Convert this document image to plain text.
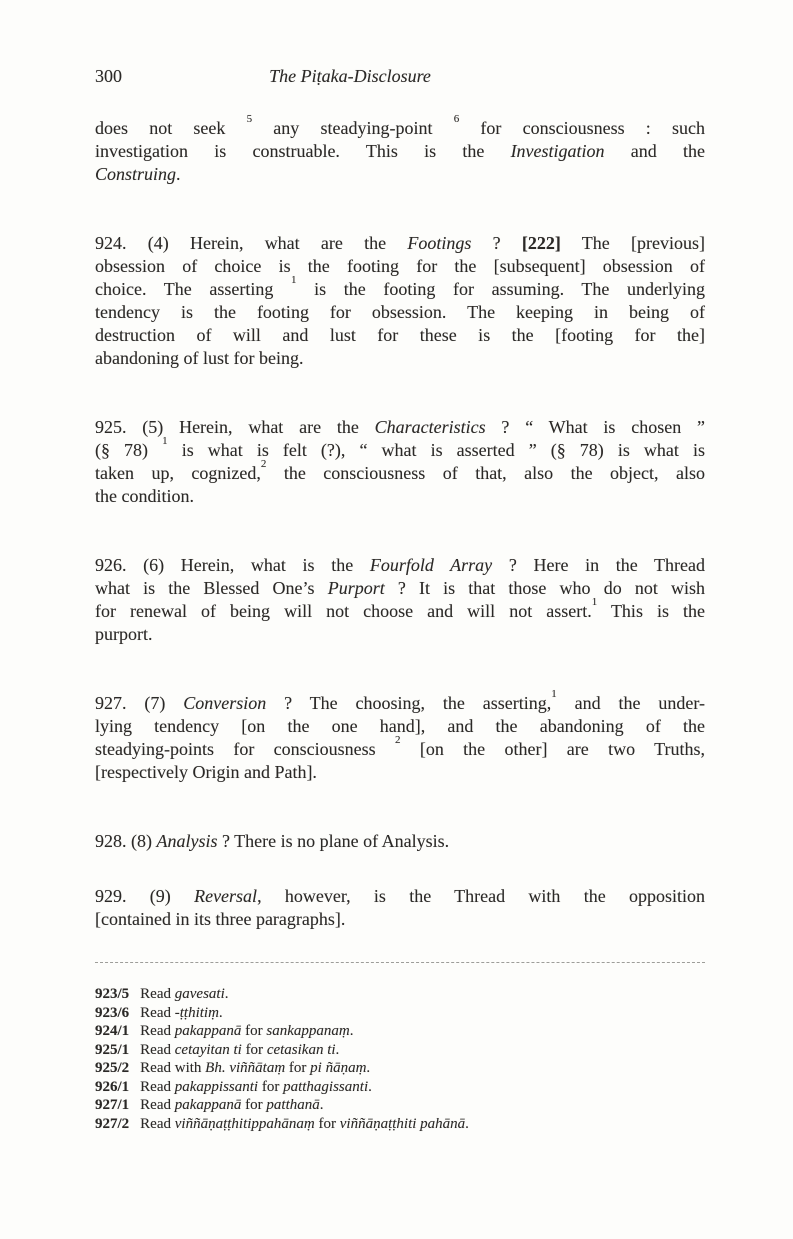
300	The Piṭaka-Disclosure
does not seek $^5$ any steadying-point $^6$ for consciousness : such
investigation is construable. This is the Investigation and the
Construing.
924. (4) Herein, what are the Footings ? [222] The [previous]
obsession of choice is the footing for the [subsequent] obsession of
choice. The asserting $^1$ is the footing for assuming. The underlying
tendency is the footing for obsession. The keeping in being of
destruction of will and lust for these is the [footing for the]
abandoning of lust for being.
925. (5) Herein, what are the Characteristics ? “ What is chosen ”
(§ 78) $^1$ is what is felt (?), “ what is asserted ” (§ 78) is what is
taken up, cognized,$^2$ the consciousness of that, also the object, also
the condition.
926. (6) Herein, what is the Fourfold Array ? Here in the Thread
what is the Blessed One’s Purport ? It is that those who do not wish
for renewal of being will not choose and will not assert.$^1$ This is the
purport.
927. (7) Conversion ? The choosing, the asserting,$^1$ and the under-
lying tendency [on the one hand], and the abandoning of the
steadying-points for consciousness $^2$ [on the other] are two Truths,
[respectively Origin and Path].
928. (8) Analysis ? There is no plane of Analysis.
929. (9) Reversal, however, is the Thread with the opposition
[contained in its three paragraphs].
923/5 Read gavesati.
923/6 Read -ṭṭhitiṃ.
924/1 Read pakappanā for sankappanaṃ.
925/1 Read cetayitan ti for cetasikan ti.
925/2 Read with Bh. viññātaṃ for pi ñāṇaṃ.
926/1 Read pakappissanti for patthagissanti.
927/1 Read pakappanā for patthanā.
927/2 Read viññāṇaṭṭhitippahānaṃ for viññāṇaṭṭhiti pahānā.
